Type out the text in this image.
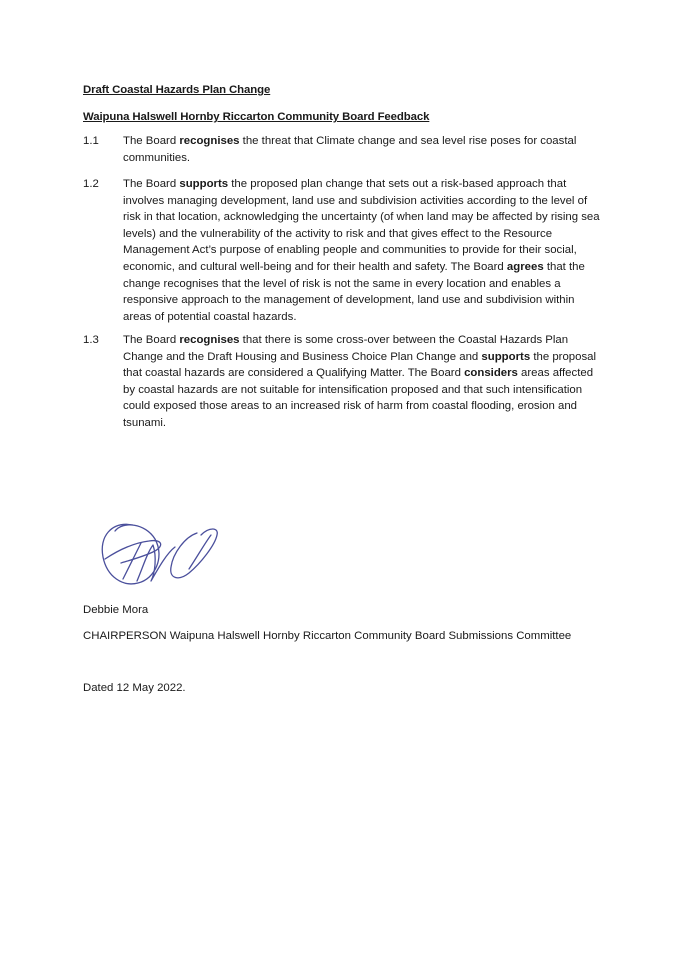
Draft Coastal Hazards Plan Change
Waipuna Halswell Hornby Riccarton Community Board Feedback
1.1 The Board recognises the threat that Climate change and sea level rise poses for coastal communities.
1.2 The Board supports the proposed plan change that sets out a risk-based approach that involves managing development, land use and subdivision activities according to the level of risk in that location, acknowledging the uncertainty (of when land may be affected by rising sea levels) and the vulnerability of the activity to risk and that gives effect to the Resource Management Act’s purpose of enabling people and communities to provide for their social, economic, and cultural well-being and for their health and safety. The Board agrees that the change recognises that the level of risk is not the same in every location and enables a responsive approach to the management of development, land use and subdivision within areas of potential coastal hazards.
1.3 The Board recognises that there is some cross-over between the Coastal Hazards Plan Change and the Draft Housing and Business Choice Plan Change and supports the proposal that coastal hazards are considered a Qualifying Matter. The Board considers areas affected by coastal hazards are not suitable for intensification proposed and that such intensification could exposed those areas to an increased risk of harm from coastal flooding, erosion and tsunami.
Debbie Mora
CHAIRPERSON Waipuna Halswell Hornby Riccarton Community Board Submissions Committee
Dated 12 May 2022.
